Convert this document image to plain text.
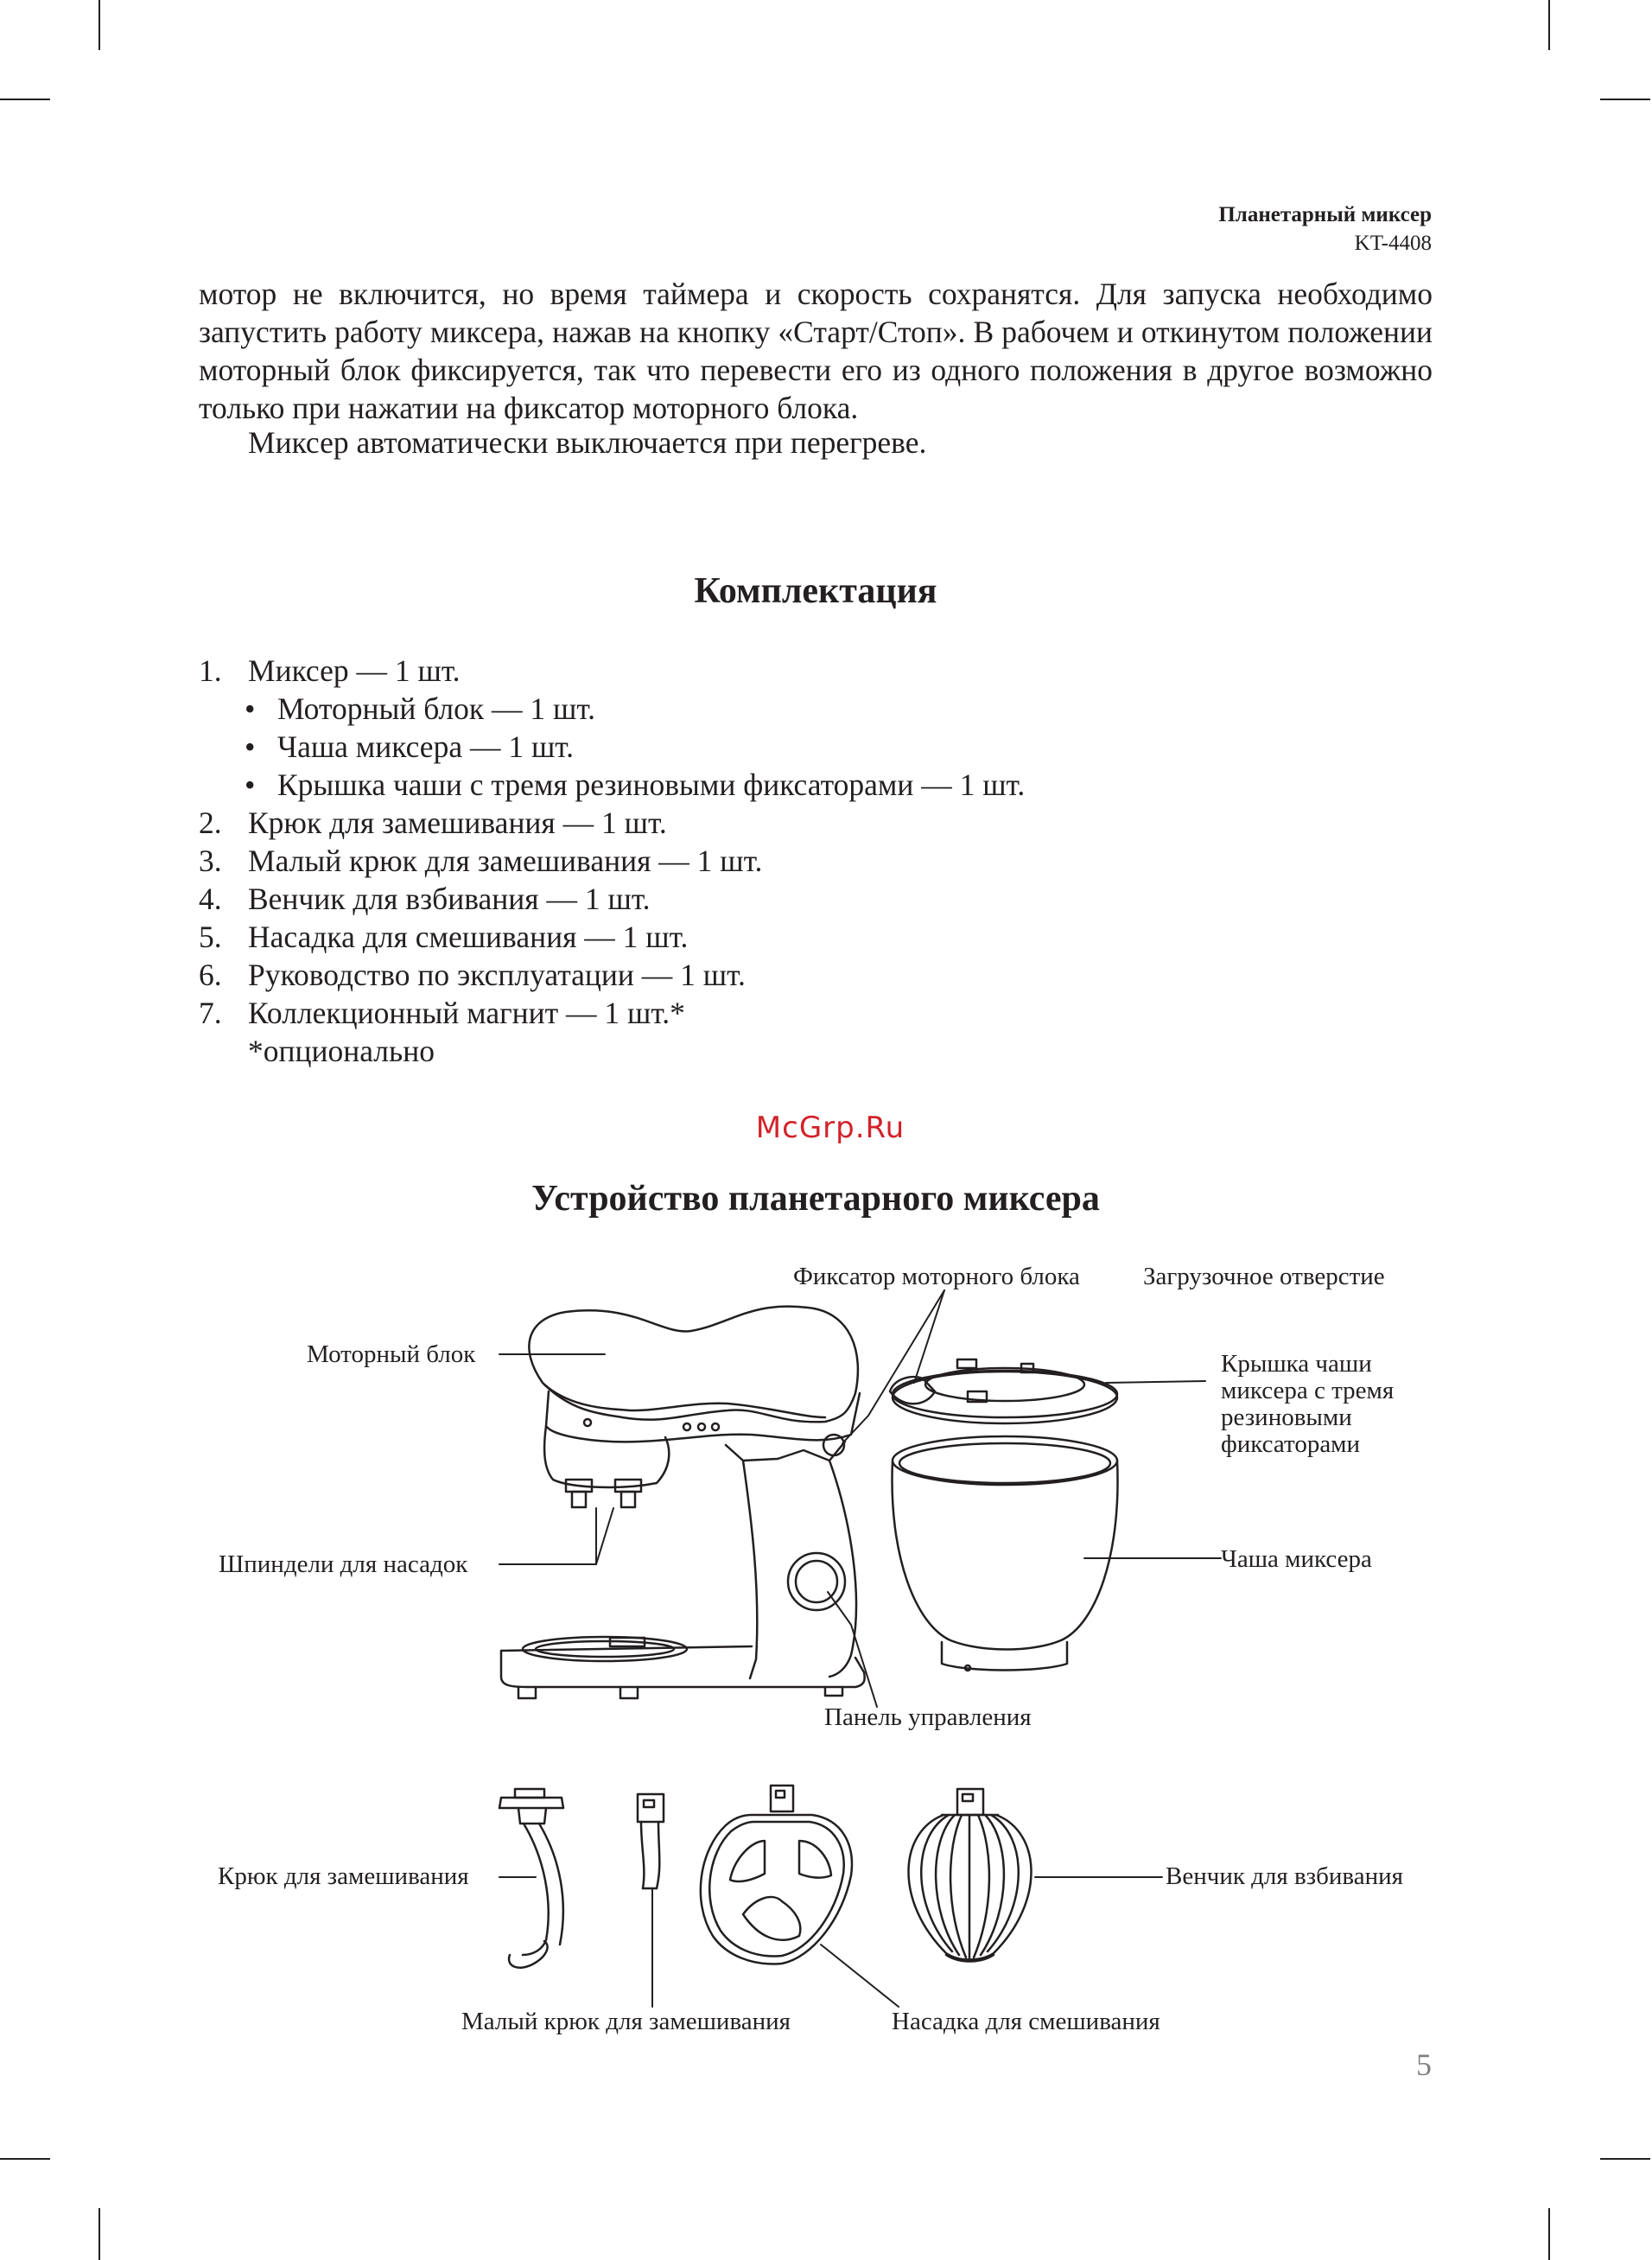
Планетарный миксер
KT-4408
мотор не включится, но время таймера и скорость сохранятся. Для запуска необходимо запустить работу миксера, нажав на кнопку «Старт/Стоп». В рабочем и откинутом положении моторный блок фиксируется, так что перевести его из одного положения в другое возможно только при нажатии на фиксатор моторного блока.
Миксер автоматически выключается при перегреве.
Комплектация
1. Миксер — 1 шт.
• Моторный блок — 1 шт.
• Чаша миксера — 1 шт.
• Крышка чаши с тремя резиновыми фиксаторами — 1 шт.
2. Крюк для замешивания — 1 шт.
3. Малый крюк для замешивания — 1 шт.
4. Венчик для взбивания — 1 шт.
5. Насадка для смешивания — 1 шт.
6. Руководство по эксплуатации — 1 шт.
7. Коллекционный магнит — 1 шт.*
*опционально
McGrp.Ru
Устройство планетарного миксера
Фиксатор моторного блока	Загрузочное отверстие
Моторный блок	Крышка чаши
миксера с тремя
резиновыми
фиксаторами
Шпиндели для насадок	Чаша миксера
Панель управления
Крюк для замешивания	Венчик для взбивания
Малый крюк для замешивания	Насадка для смешивания
5
